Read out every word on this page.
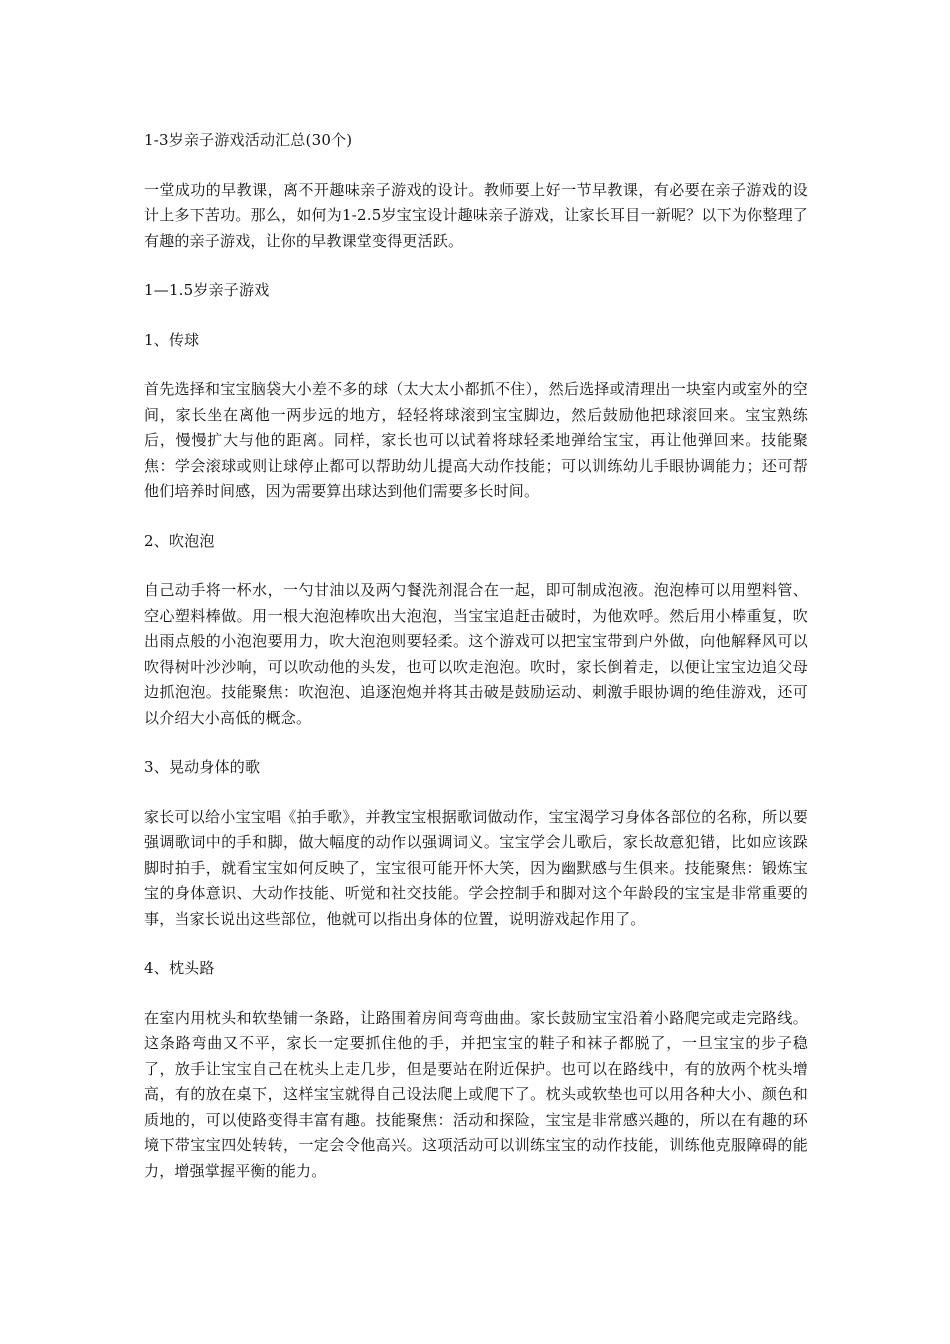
1-3岁亲子游戏活动汇总(30个)

一堂成功的早教课，离不开趣味亲子游戏的设计。教师要上好一节早教课，有必要在亲子游戏的设计上多下苦功。那么，如何为1-2.5岁宝宝设计趣味亲子游戏，让家长耳目一新呢？以下为你整理了有趣的亲子游戏，让你的早教课堂变得更活跃。

1—1.5岁亲子游戏

1、传球

首先选择和宝宝脑袋大小差不多的球（太大太小都抓不住），然后选择或清理出一块室内或室外的空间，家长坐在离他一两步远的地方，轻轻将球滚到宝宝脚边，然后鼓励他把球滚回来。宝宝熟练后，慢慢扩大与他的距离。同样，家长也可以试着将球轻柔地弹给宝宝，再让他弹回来。技能聚焦：学会滚球或则让球停止都可以帮助幼儿提高大动作技能；可以训练幼儿手眼协调能力；还可帮他们培养时间感，因为需要算出球达到他们需要多长时间。

2、吹泡泡

自己动手将一杯水，一勺甘油以及两勺餐洗剂混合在一起，即可制成泡液。泡泡棒可以用塑料管、空心塑料棒做。用一根大泡泡棒吹出大泡泡，当宝宝追赶击破时，为他欢呼。然后用小棒重复，吹出雨点般的小泡泡要用力，吹大泡泡则要轻柔。这个游戏可以把宝宝带到户外做，向他解释风可以吹得树叶沙沙响，可以吹动他的头发，也可以吹走泡泡。吹时，家长倒着走，以便让宝宝边追父母边抓泡泡。技能聚焦：吹泡泡、追逐泡炮并将其击破是鼓励运动、刺激手眼协调的绝佳游戏，还可以介绍大小高低的概念。

3、晃动身体的歌

家长可以给小宝宝唱《拍手歌》，并教宝宝根据歌词做动作，宝宝渴学习身体各部位的名称，所以要强调歌词中的手和脚，做大幅度的动作以强调词义。宝宝学会儿歌后，家长故意犯错，比如应该跺脚时拍手，就看宝宝如何反映了，宝宝很可能开怀大笑，因为幽默感与生俱来。技能聚焦：锻炼宝宝的身体意识、大动作技能、听觉和社交技能。学会控制手和脚对这个年龄段的宝宝是非常重要的事，当家长说出这些部位，他就可以指出身体的位置，说明游戏起作用了。

4、枕头路

在室内用枕头和软垫铺一条路，让路围着房间弯弯曲曲。家长鼓励宝宝沿着小路爬完或走完路线。这条路弯曲又不平，家长一定要抓住他的手，并把宝宝的鞋子和袜子都脱了，一旦宝宝的步子稳了，放手让宝宝自己在枕头上走几步，但是要站在附近保护。也可以在路线中，有的放两个枕头增高，有的放在桌下，这样宝宝就得自己设法爬上或爬下了。枕头或软垫也可以用各种大小、颜色和质地的，可以使路变得丰富有趣。技能聚焦：活动和探险，宝宝是非常感兴趣的，所以在有趣的环境下带宝宝四处转转，一定会令他高兴。这项活动可以训练宝宝的动作技能，训练他克服障碍的能力，增强掌握平衡的能力。
